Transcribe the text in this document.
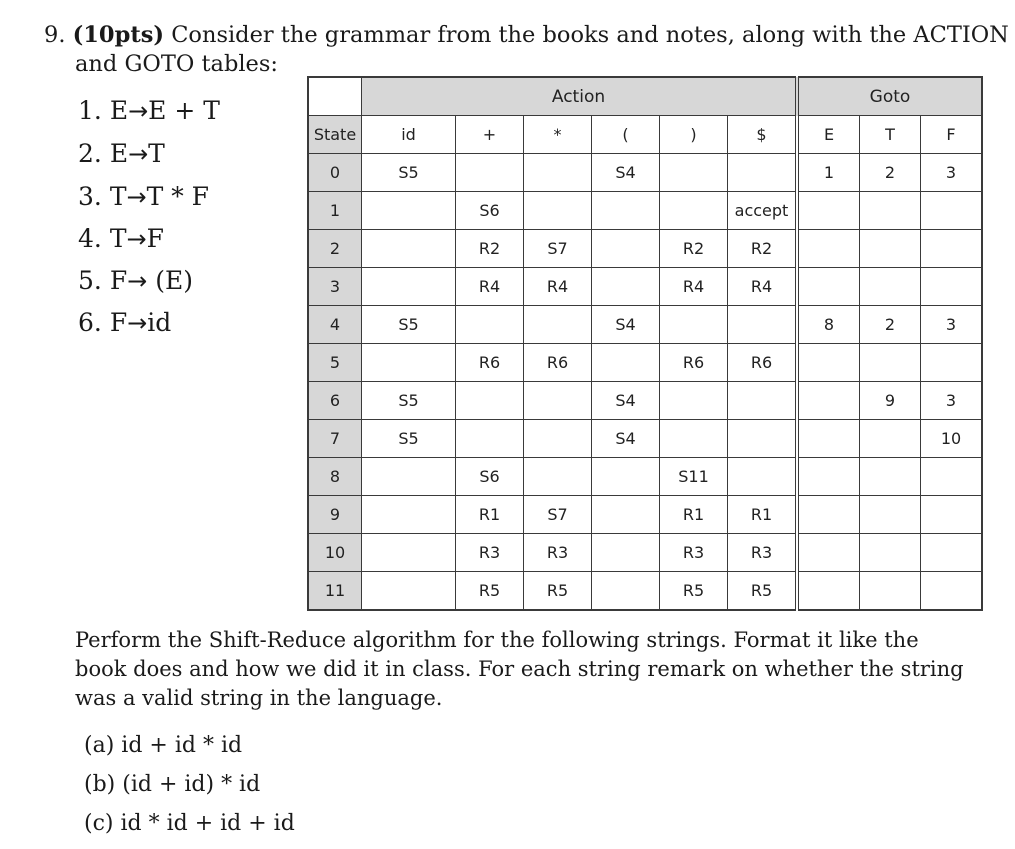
9. (10pts) Consider the grammar from the books and notes, along with the ACTION
and GOTO tables:
1. E→E + T
2. E→T
3. T→T * F
4. T→F
5. F→ (E)
6. F→id
	Action						Goto		
State	id	+	*	(	)	$	E	T	F
0	S5			S4			1	2	3
1		S6				accept			
2		R2	S7		R2	R2			
3		R4	R4		R4	R4			
4	S5			S4			8	2	3
5		R6	R6		R6	R6			
6	S5			S4				9	3
7	S5			S4					10
8		S6			S11				
9		R1	S7		R1	R1			
10		R3	R3		R3	R3			
11		R5	R5		R5	R5			
Perform the Shift-Reduce algorithm for the following strings. Format it like the
book does and how we did it in class. For each string remark on whether the string
was a valid string in the language.
(a) id + id * id
(b) (id + id) * id
(c) id * id + id + id
